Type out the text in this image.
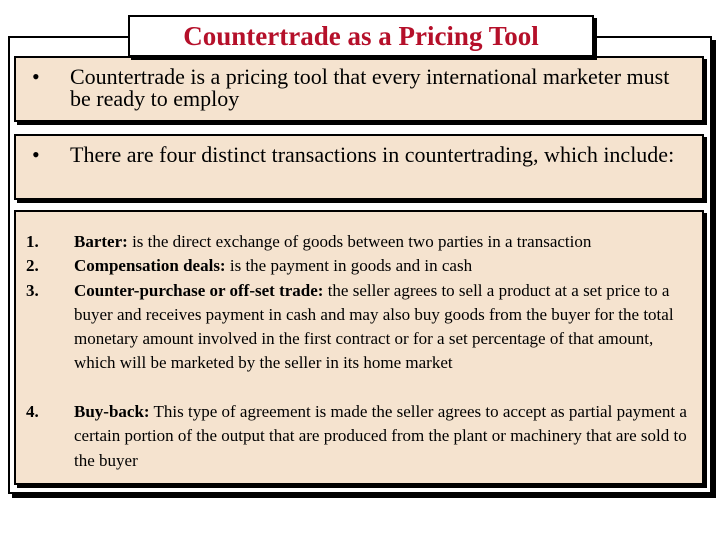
Countertrade as a Pricing Tool
• Countertrade is a pricing tool that every international marketer must be ready to employ
• There are four distinct transactions in countertrading, which include:
1. Barter: is the direct exchange of goods between two parties in a transaction
2. Compensation deals: is the payment in goods and in cash
3. Counter-purchase or off-set trade: the seller agrees to sell a product at a set price to a buyer and receives payment in cash and may also buy goods from the buyer for the total monetary amount involved in the first contract or for a set percentage of that amount, which will be marketed by the seller in its home market
4. Buy-back: This type of agreement is made the seller agrees to accept as partial payment a certain portion of the output that are produced from the plant or machinery that are sold to the buyer
